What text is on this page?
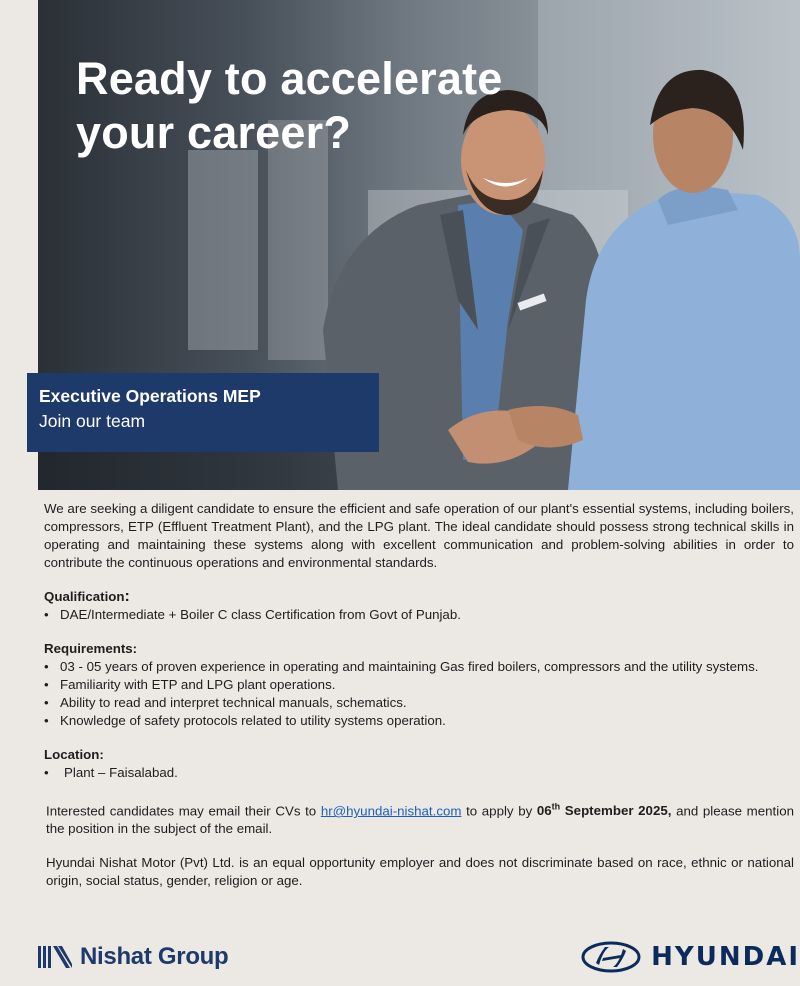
Ready to accelerate
your career?
Executive Operations MEP
Join our team

We are seeking a diligent candidate to ensure the efficient and safe operation of our plant's essential systems, including boilers, compressors, ETP (Effluent Treatment Plant), and the LPG plant. The ideal candidate should possess strong technical skills in operating and maintaining these systems along with excellent communication and problem-solving abilities in order to contribute the continuous operations and environmental standards.

Qualification:
• DAE/Intermediate + Boiler C class Certification from Govt of Punjab.
Requirements:
• 03 - 05 years of proven experience in operating and maintaining Gas fired boilers, compressors and the utility systems.
• Familiarity with ETP and LPG plant operations.
• Ability to read and interpret technical manuals, schematics.
• Knowledge of safety protocols related to utility systems operation.
Location:
• Plant – Faisalabad.

Interested candidates may email their CVs to hr@hyundai-nishat.com to apply by 06th September 2025, and please mention the position in the subject of the email.

Hyundai Nishat Motor (Pvt) Ltd. is an equal opportunity employer and does not discriminate based on race, ethnic or national origin, social status, gender, religion or age.

Nishat Group	HYUNDAI
